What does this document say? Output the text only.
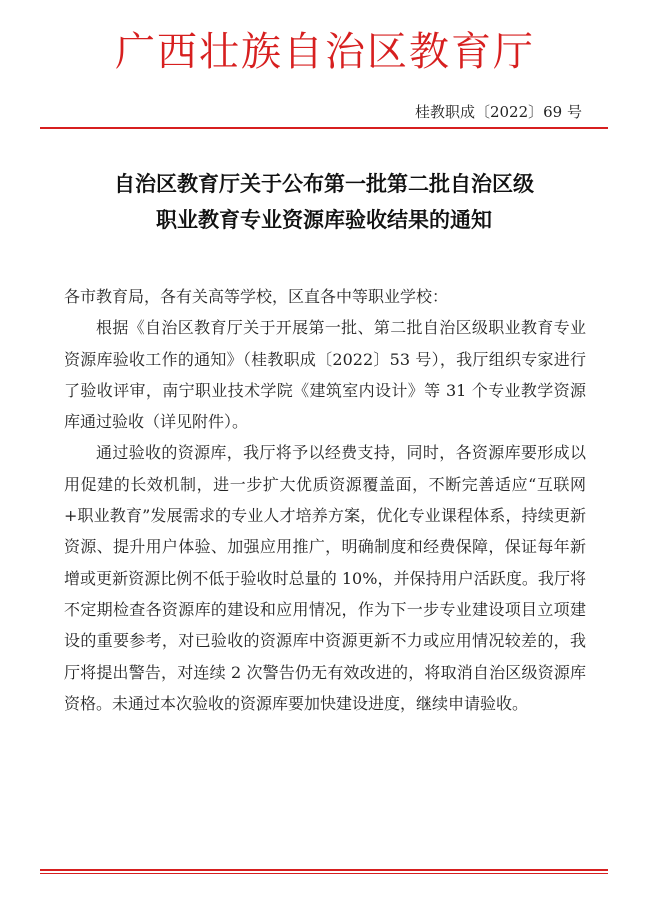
广西壮族自治区教育厅
桂教职成〔2022〕69 号
自治区教育厅关于公布第一批第二批自治区级
职业教育专业资源库验收结果的通知

各市教育局，各有关高等学校，区直各中等职业学校：

根据《自治区教育厅关于开展第一批、第二批自治区级职业教育专业资源库验收工作的通知》（桂教职成〔2022〕53 号），我厅组织专家进行了验收评审，南宁职业技术学院《建筑室内设计》等 31 个专业教学资源库通过验收（详见附件）。

通过验收的资源库，我厅将予以经费支持，同时，各资源库要形成以用促建的长效机制，进一步扩大优质资源覆盖面，不断完善适应“互联网+职业教育”发展需求的专业人才培养方案，优化专业课程体系，持续更新资源、提升用户体验、加强应用推广，明确制度和经费保障，保证每年新增或更新资源比例不低于验收时总量的 10%，并保持用户活跃度。我厅将不定期检查各资源库的建设和应用情况，作为下一步专业建设项目立项建设的重要参考，对已验收的资源库中资源更新不力或应用情况较差的，我厅将提出警告，对连续 2 次警告仍无有效改进的，将取消自治区级资源库资格。未通过本次验收的资源库要加快建设进度，继续申请验收。
